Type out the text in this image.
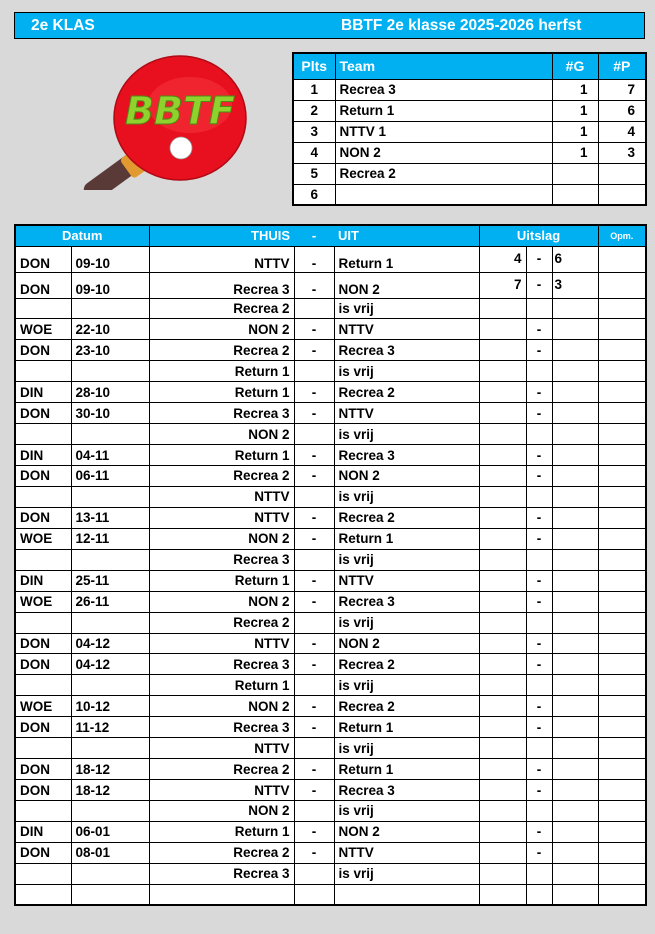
2e KLAS	BBTF 2e klasse 2025-2026 herfst
BBTF
Plts	Team	#G	#P
1	Recrea 3	1	7
2	Return 1	1	6
3	NTTV 1	1	4
4	NON 2	1	3
5	Recrea 2		
6			
Datum		THUIS	-	UIT	Uitslag			Opm.
DON	09-10	NTTV	-	Return 1	4	-	6	
DON	09-10	Recrea 3	-	NON 2	7	-	3	
		Recrea 2		is vrij				
WOE	22-10	NON 2	-	NTTV		-		
DON	23-10	Recrea 2	-	Recrea 3		-		
		Return 1		is vrij				
DIN	28-10	Return 1	-	Recrea 2		-		
DON	30-10	Recrea 3	-	NTTV		-		
		NON 2		is vrij				
DIN	04-11	Return 1	-	Recrea 3		-		
DON	06-11	Recrea 2	-	NON 2		-		
		NTTV		is vrij				
DON	13-11	NTTV	-	Recrea 2		-		
WOE	12-11	NON 2	-	Return 1		-		
		Recrea 3		is vrij				
DIN	25-11	Return 1	-	NTTV		-		
WOE	26-11	NON 2	-	Recrea 3		-		
		Recrea 2		is vrij				
DON	04-12	NTTV	-	NON 2		-		
DON	04-12	Recrea 3	-	Recrea 2		-		
		Return 1		is vrij				
WOE	10-12	NON 2	-	Recrea 2		-		
DON	11-12	Recrea 3	-	Return 1		-		
		NTTV		is vrij				
DON	18-12	Recrea 2	-	Return 1		-		
DON	18-12	NTTV	-	Recrea 3		-		
		NON 2		is vrij				
DIN	06-01	Return 1	-	NON 2		-		
DON	08-01	Recrea 2	-	NTTV		-		
		Recrea 3		is vrij				
